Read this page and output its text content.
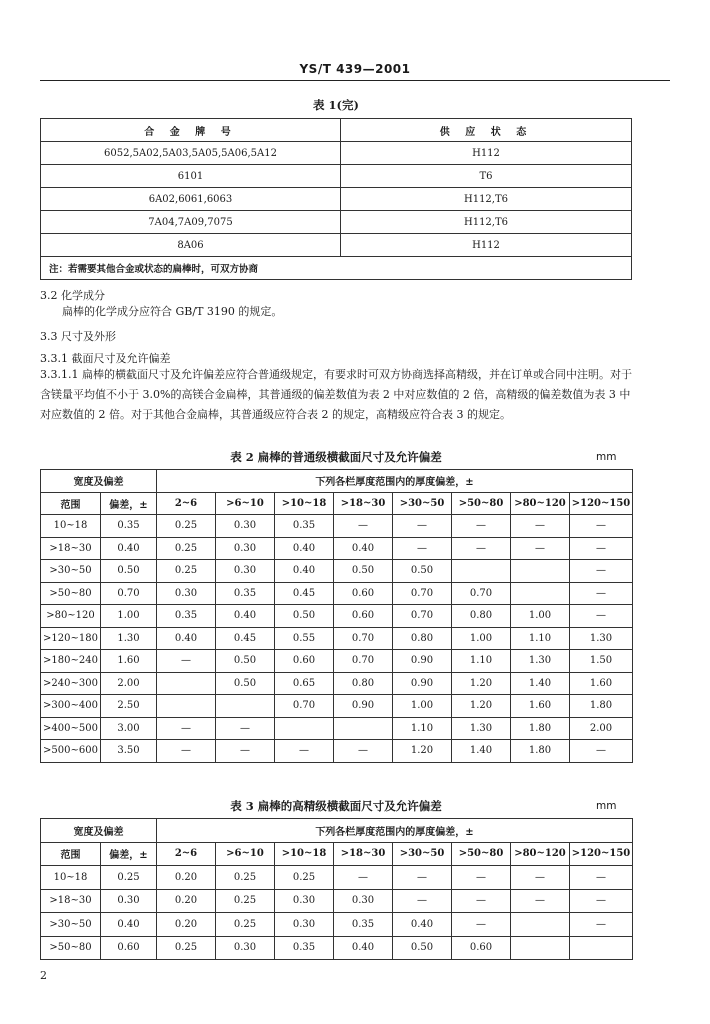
YS/T 439—2001
表 1(完)
合 金 牌 号	供 应 状 态
6052,5A02,5A03,5A05,5A06,5A12	H112
6101	T6
6A02,6061,6063	H112,T6
7A04,7A09,7075	H112,T6
8A06	H112
注：若需要其他合金或状态的扁棒时，可双方协商	
3.2 化学成分
扁棒的化学成分应符合 GB/T 3190 的规定。
3.3 尺寸及外形
3.3.1 截面尺寸及允许偏差
3.3.1.1 扁棒的横截面尺寸及允许偏差应符合普通级规定，有要求时可双方协商选择高精级，并在订单或合同中注明。对于含镁量平均值不小于 3.0%的高镁合金扁棒，其普通级的偏差数值为表 2 中对应数值的 2 倍，高精级的偏差数值为表 3 中对应数值的 2 倍。对于其他合金扁棒，其普通级应符合表 2 的规定，高精级应符合表 3 的规定。
表 2 扁棒的普通级横截面尺寸及允许偏差	mm
宽度及偏差		下列各栏厚度范围内的厚度偏差，±							
范围	偏差，±	2~6	>6~10	>10~18	>18~30	>30~50	>50~80	>80~120	>120~150
10~18	0.35	0.25	0.30	0.35	—	—	—	—	—
>18~30	0.40	0.25	0.30	0.40	0.40	—	—	—	—
>30~50	0.50	0.25	0.30	0.40	0.50	0.50			—
>50~80	0.70	0.30	0.35	0.45	0.60	0.70	0.70		—
>80~120	1.00	0.35	0.40	0.50	0.60	0.70	0.80	1.00	—
>120~180	1.30	0.40	0.45	0.55	0.70	0.80	1.00	1.10	1.30
>180~240	1.60	—	0.50	0.60	0.70	0.90	1.10	1.30	1.50
>240~300	2.00		0.50	0.65	0.80	0.90	1.20	1.40	1.60
>300~400	2.50			0.70	0.90	1.00	1.20	1.60	1.80
>400~500	3.00	—	—			1.10	1.30	1.80	2.00
>500~600	3.50	—	—	—	—	1.20	1.40	1.80	—
表 3 扁棒的高精级横截面尺寸及允许偏差	mm
宽度及偏差		下列各栏厚度范围内的厚度偏差，±							
范围	偏差，±	2~6	>6~10	>10~18	>18~30	>30~50	>50~80	>80~120	>120~150
10~18	0.25	0.20	0.25	0.25	—	—	—	—	—
>18~30	0.30	0.20	0.25	0.30	0.30	—	—	—	—
>30~50	0.40	0.20	0.25	0.30	0.35	0.40	—		—
>50~80	0.60	0.25	0.30	0.35	0.40	0.50	0.60		
2
